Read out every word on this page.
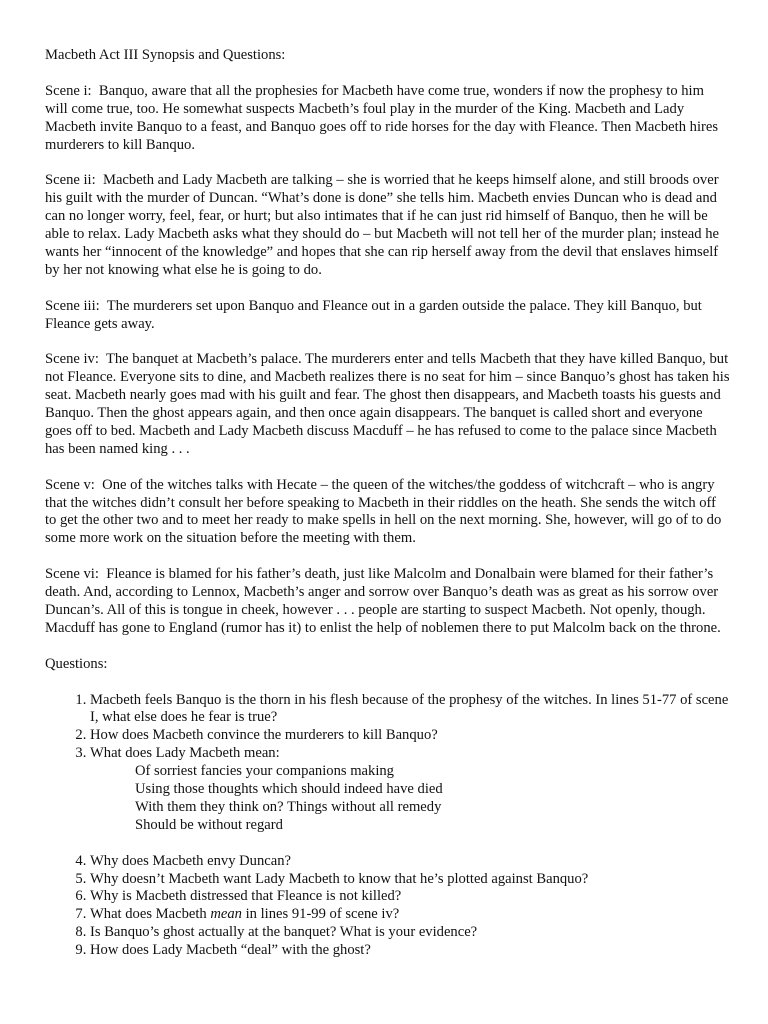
Macbeth Act III Synopsis and Questions:

Scene i: Banquo, aware that all the prophesies for Macbeth have come true, wonders if now the prophesy to him will come true, too. He somewhat suspects Macbeth’s foul play in the murder of the King. Macbeth and Lady Macbeth invite Banquo to a feast, and Banquo goes off to ride horses for the day with Fleance. Then Macbeth hires murderers to kill Banquo.

Scene ii: Macbeth and Lady Macbeth are talking – she is worried that he keeps himself alone, and still broods over his guilt with the murder of Duncan. “What’s done is done” she tells him. Macbeth envies Duncan who is dead and can no longer worry, feel, fear, or hurt; but also intimates that if he can just rid himself of Banquo, then he will be able to relax. Lady Macbeth asks what they should do – but Macbeth will not tell her of the murder plan; instead he wants her “innocent of the knowledge” and hopes that she can rip herself away from the devil that enslaves himself by her not knowing what else he is going to do.

Scene iii: The murderers set upon Banquo and Fleance out in a garden outside the palace. They kill Banquo, but Fleance gets away.

Scene iv: The banquet at Macbeth’s palace. The murderers enter and tells Macbeth that they have killed Banquo, but not Fleance. Everyone sits to dine, and Macbeth realizes there is no seat for him – since Banquo’s ghost has taken his seat. Macbeth nearly goes mad with his guilt and fear. The ghost then disappears, and Macbeth toasts his guests and Banquo. Then the ghost appears again, and then once again disappears. The banquet is called short and everyone goes off to bed. Macbeth and Lady Macbeth discuss Macduff – he has refused to come to the palace since Macbeth has been named king . . .

Scene v: One of the witches talks with Hecate – the queen of the witches/the goddess of witchcraft – who is angry that the witches didn’t consult her before speaking to Macbeth in their riddles on the heath. She sends the witch off to get the other two and to meet her ready to make spells in hell on the next morning. She, however, will go of to do some more work on the situation before the meeting with them.

Scene vi: Fleance is blamed for his father’s death, just like Malcolm and Donalbain were blamed for their father’s death. And, according to Lennox, Macbeth’s anger and sorrow over Banquo’s death was as great as his sorrow over Duncan’s. All of this is tongue in cheek, however . . . people are starting to suspect Macbeth. Not openly, though. Macduff has gone to England (rumor has it) to enlist the help of noblemen there to put Malcolm back on the throne.

Questions:

1. Macbeth feels Banquo is the thorn in his flesh because of the prophesy of the witches. In lines 51-77 of scene I, what else does he fear is true?
2. How does Macbeth convince the murderers to kill Banquo?
3. What does Lady Macbeth mean:
Of sorriest fancies your companions making
Using those thoughts which should indeed have died
With them they think on? Things without all remedy
Should be without regard
4. Why does Macbeth envy Duncan?
5. Why doesn’t Macbeth want Lady Macbeth to know that he’s plotted against Banquo?
6. Why is Macbeth distressed that Fleance is not killed?
7. What does Macbeth mean in lines 91-99 of scene iv?
8. Is Banquo’s ghost actually at the banquet? What is your evidence?
9. How does Lady Macbeth “deal” with the ghost?
